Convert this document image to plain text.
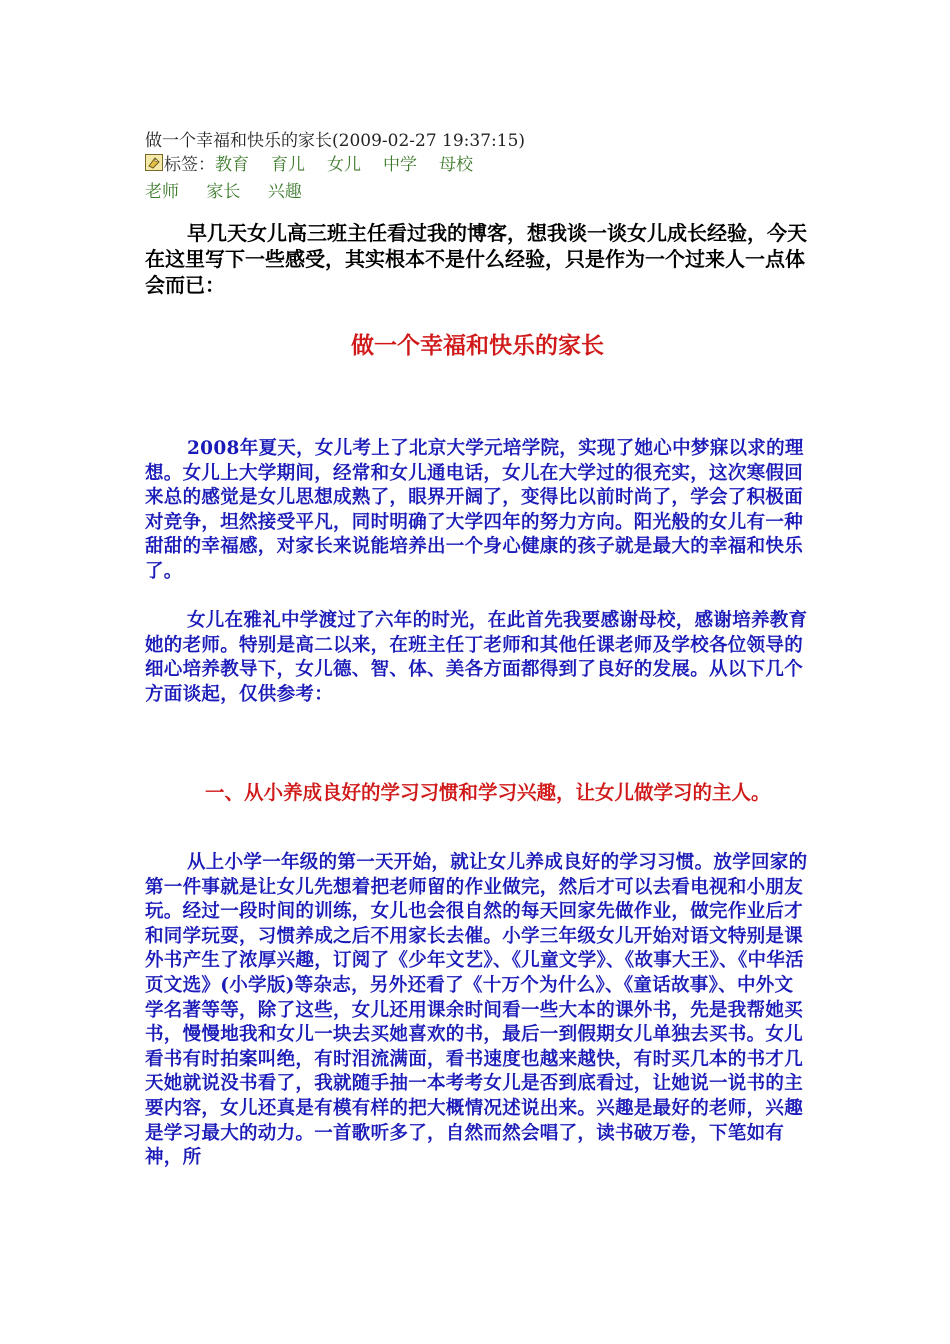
做一个幸福和快乐的家长(2009-02-27 19:37:15)
标签： 教育 育儿 女儿 中学 母校
老师 家长 兴趣

早几天女儿高三班主任看过我的博客，想我谈一谈女儿成长经验，今天在这里写下一些感受，其实根本不是什么经验，只是作为一个过来人一点体会而已：

做一个幸福和快乐的家长

2008年夏天，女儿考上了北京大学元培学院，实现了她心中梦寐以求的理想。女儿上大学期间，经常和女儿通电话，女儿在大学过的很充实，这次寒假回来总的感觉是女儿思想成熟了，眼界开阔了，变得比以前时尚了，学会了积极面对竞争，坦然接受平凡，同时明确了大学四年的努力方向。阳光般的女儿有一种甜甜的幸福感，对家长来说能培养出一个身心健康的孩子就是最大的幸福和快乐了。

女儿在雅礼中学渡过了六年的时光，在此首先我要感谢母校，感谢培养教育她的老师。特别是高二以来，在班主任丁老师和其他任课老师及学校各位领导的细心培养教导下，女儿德、智、体、美各方面都得到了良好的发展。从以下几个方面谈起，仅供参考：

一、从小养成良好的学习习惯和学习兴趣，让女儿做学习的主人。

从上小学一年级的第一天开始，就让女儿养成良好的学习习惯。放学回家的第一件事就是让女儿先想着把老师留的作业做完，然后才可以去看电视和小朋友玩。经过一段时间的训练，女儿也会很自然的每天回家先做作业，做完作业后才和同学玩耍，习惯养成之后不用家长去催。小学三年级女儿开始对语文特别是课外书产生了浓厚兴趣，订阅了《少年文艺》、《儿童文学》、《故事大王》、《中华活页文选》(小学版)等杂志，另外还看了《十万个为什么》、《童话故事》、中外文学名著等等，除了这些，女儿还用课余时间看一些大本的课外书，先是我帮她买书，慢慢地我和女儿一块去买她喜欢的书，最后一到假期女儿单独去买书。女儿看书有时拍案叫绝，有时泪流满面，看书速度也越来越快，有时买几本的书才几天她就说没书看了，我就随手抽一本考考女儿是否到底看过，让她说一说书的主要内容，女儿还真是有模有样的把大概情况述说出来。兴趣是最好的老师，兴趣是学习最大的动力。一首歌听多了，自然而然会唱了，读书破万卷，下笔如有神，所
